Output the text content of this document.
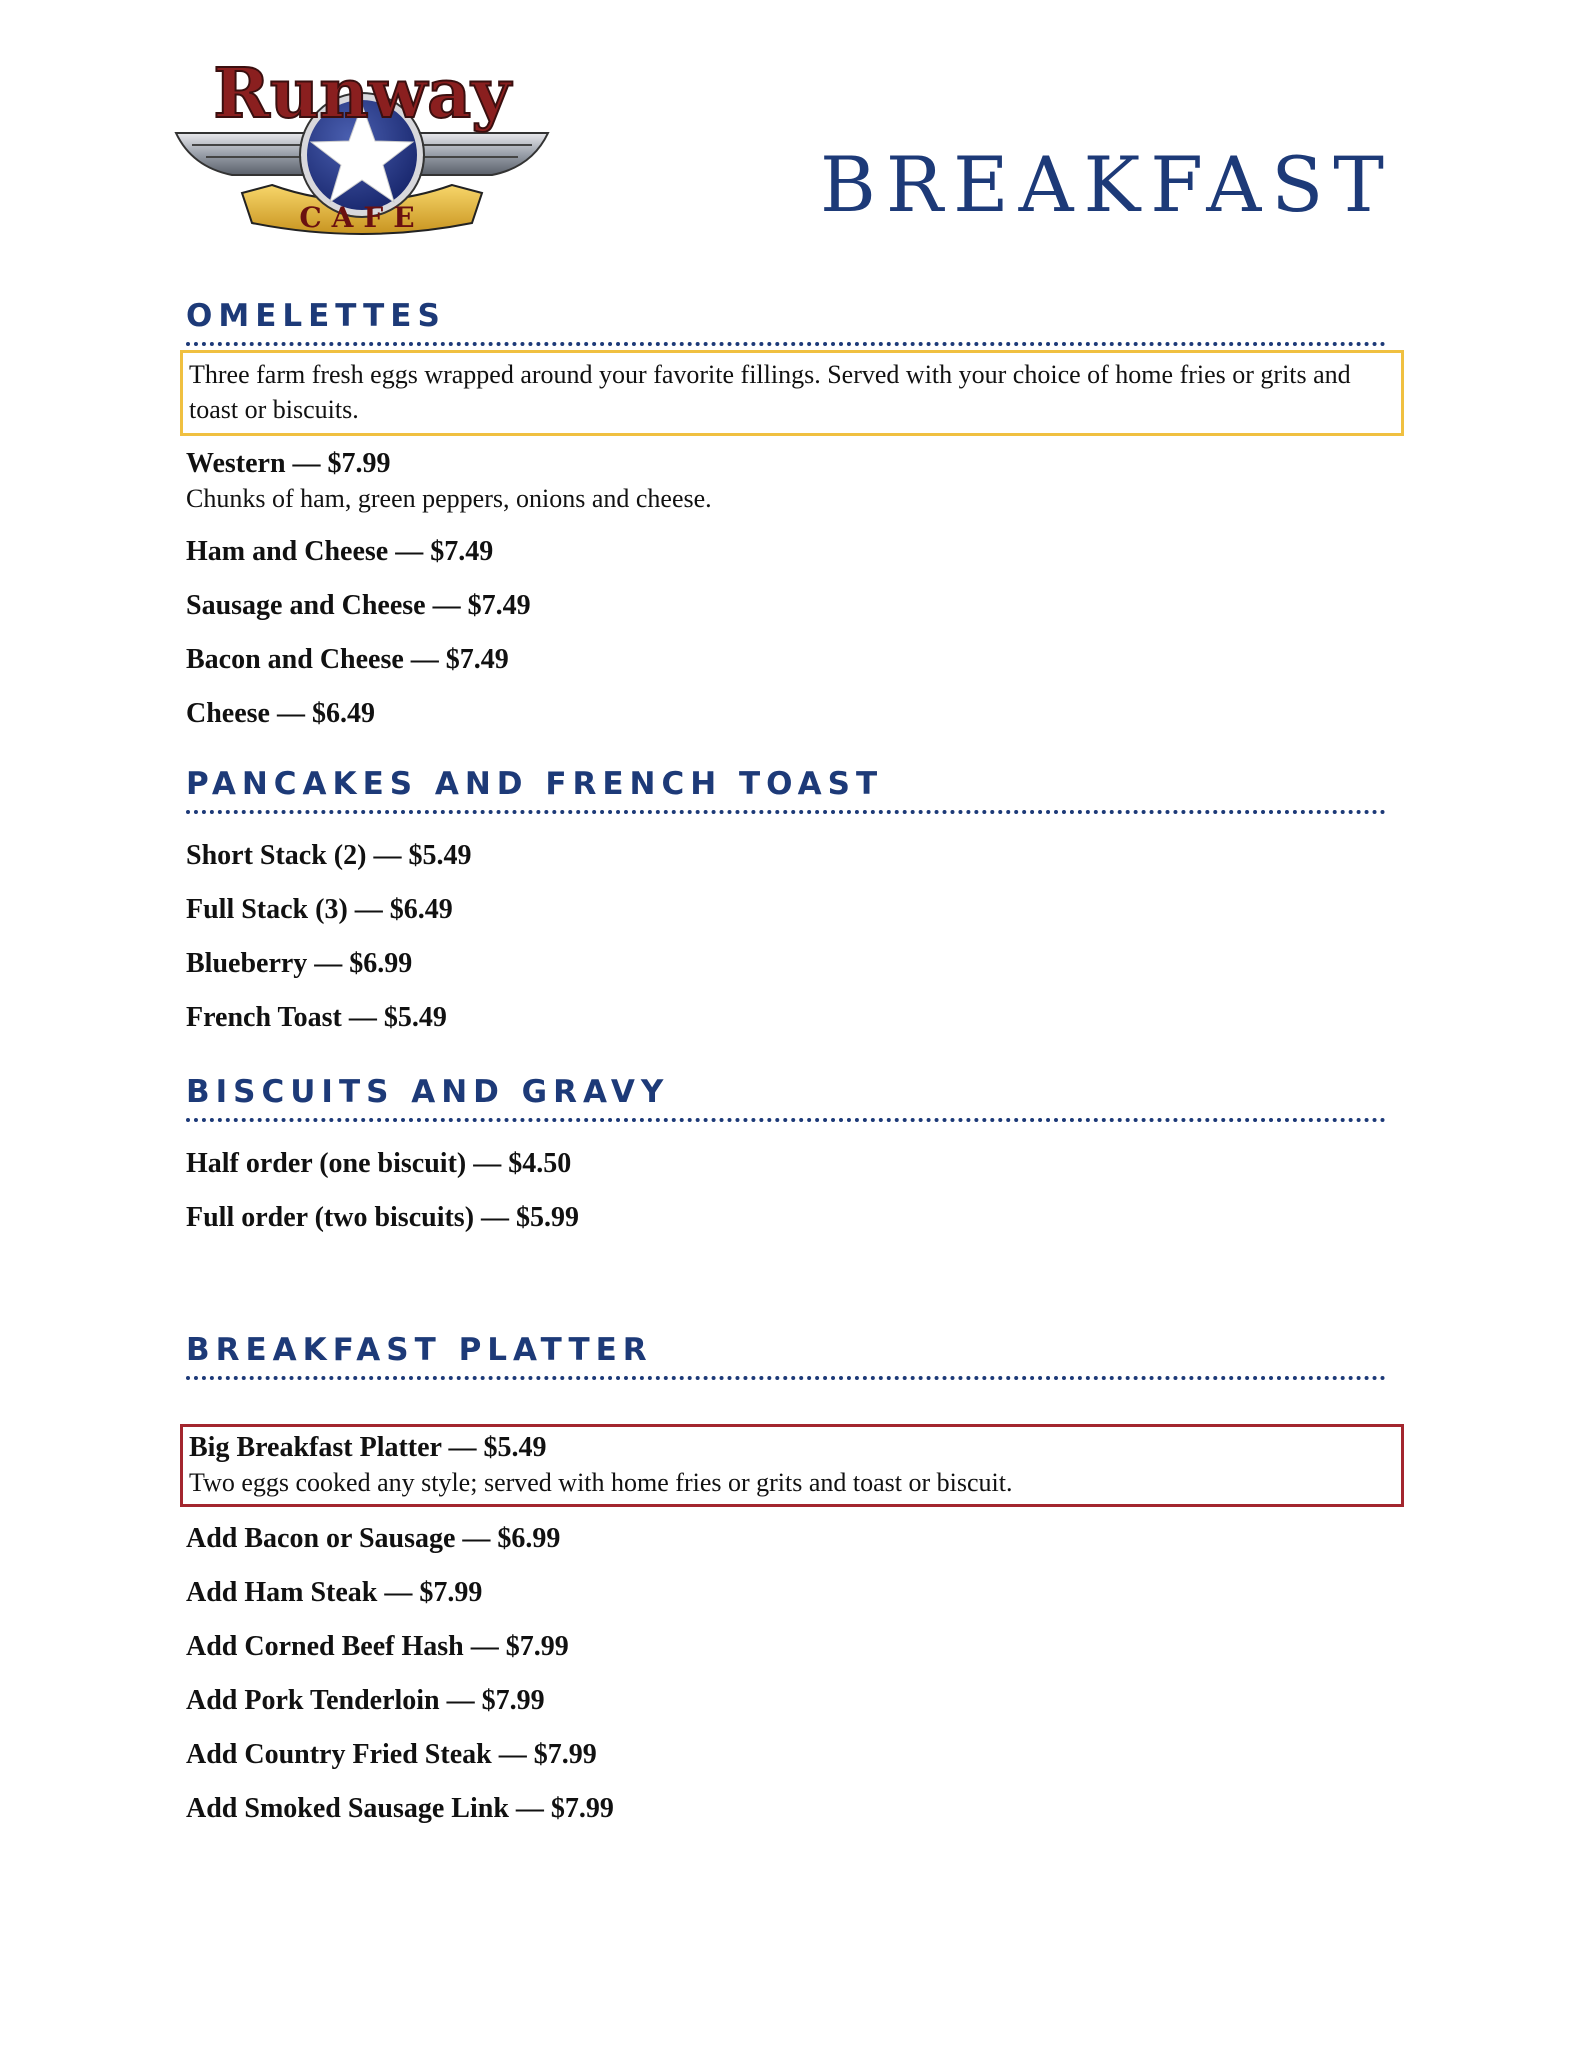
Runway
CAFE	BREAKFAST
OMELETTES
Three farm fresh eggs wrapped around your favorite fillings. Served with your choice of home fries or grits and toast or biscuits.
Western — $7.99
Chunks of ham, green peppers, onions and cheese.
Ham and Cheese — $7.49
Sausage and Cheese — $7.49
Bacon and Cheese — $7.49
Cheese — $6.49
PANCAKES AND FRENCH TOAST
Short Stack (2) — $5.49
Full Stack (3) — $6.49
Blueberry — $6.99
French Toast — $5.49
BISCUITS AND GRAVY
Half order (one biscuit) — $4.50
Full order (two biscuits) — $5.99
BREAKFAST PLATTER
Big Breakfast Platter — $5.49
Two eggs cooked any style; served with home fries or grits and toast or biscuit.
Add Bacon or Sausage — $6.99
Add Ham Steak — $7.99
Add Corned Beef Hash — $7.99
Add Pork Tenderloin — $7.99
Add Country Fried Steak — $7.99
Add Smoked Sausage Link — $7.99
